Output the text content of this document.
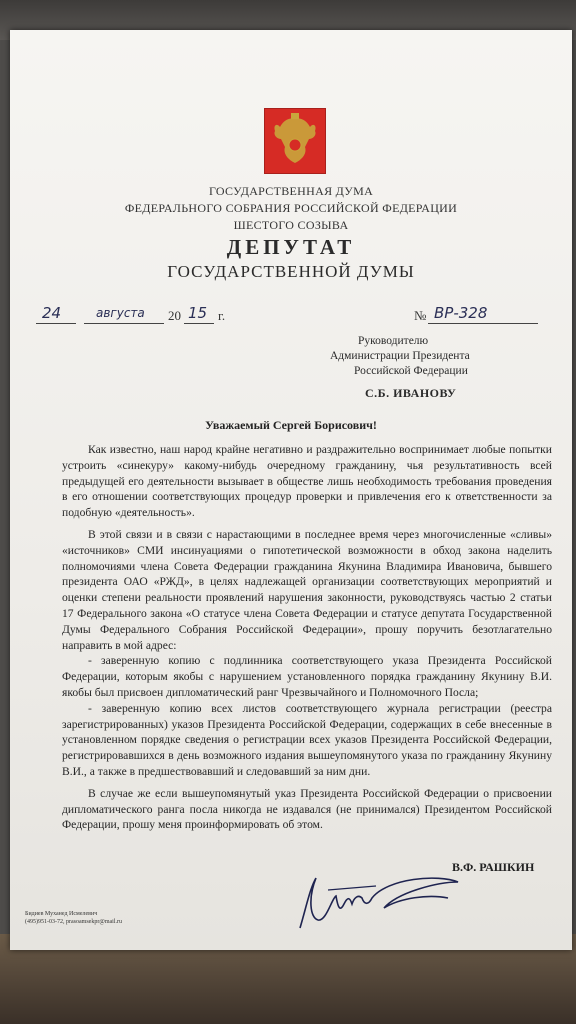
ГОСУДАРСТВЕННАЯ ДУМА
ФЕДЕРАЛЬНОГО СОБРАНИЯ РОССИЙСКОЙ ФЕДЕРАЦИИ
ШЕСТОГО СОЗЫВА
ДЕПУТАТ
ГОСУДАРСТВЕННОЙ ДУМЫ
24	августа 20 15 г.	№ ВР-328
Руководителю
Администрации Президента
Российской Федерации
С.Б. ИВАНОВУ
Уважаемый Сергей Борисович!

Как известно, наш народ крайне негативно и раздражительно воспринимает любые попытки устроить «синекуру» какому-нибудь очередному гражданину, чья результативность всей предыдущей его деятельности вызывает в обществе лишь необходимость требования проведения в его отношении соответствующих процедур проверки и привлечения его к ответственности за подобную «деятельность».

В этой связи и в связи с нарастающими в последнее время через многочисленные «сливы» «источников» СМИ инсинуациями о гипотетической возможности в обход закона наделить полномочиями члена Совета Федерации гражданина Якунина Владимира Ивановича, бывшего президента ОАО «РЖД», в целях надлежащей организации соответствующих мероприятий и оценки степени реальности проявлений нарушения законности, руководствуясь частью 2 статьи 17 Федерального закона «О статусе члена Совета Федерации и статусе депутата Государственной Думы Федерального Собрания Российской Федерации», прошу поручить безотлагательно направить в мой адрес:

- заверенную копию с подлинника соответствующего указа Президента Российской Федерации, которым якобы с нарушением установленного порядка гражданину Якунину В.И. якобы был присвоен дипломатический ранг Чрезвычайного и Полномочного Посла;

- заверенную копию всех листов соответствующего журнала регистрации (реестра зарегистрированных) указов Президента Российской Федерации, содержащих в себе внесенные в установленном порядке сведения о регистрации всех указов Президента Российской Федерации, регистрировавшихся в день возможного издания вышеупомянутого указа по гражданину Якунину В.И., а также в предшествовавший и следовавший за ним дни.

В случае же если вышеупомянутый указ Президента Российской Федерации о присвоении дипломатического ранга посла никогда не издавался (не принимался) Президентом Российской Федерации, прошу меня проинформировать об этом.

В.Ф. РАШКИН
Бидиев Муханед Исмелевич
(495)951-03-72, prasoamsekpr@mail.ru
